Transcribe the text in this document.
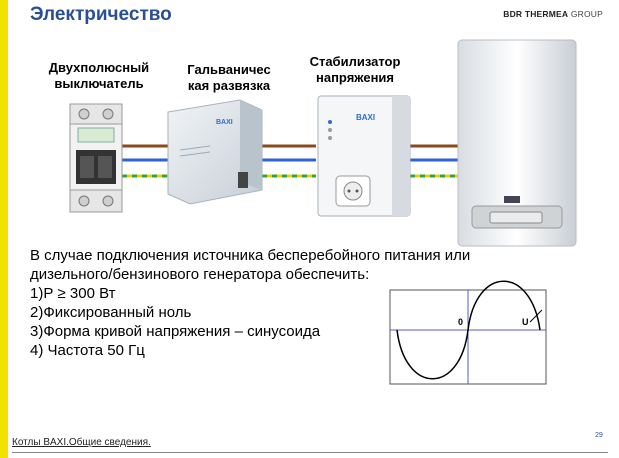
Электричество	BDR THERMEA GROUP
Двухполюсный
выключатель
Гальваничес
кая развязка
Стабилизатор
напряжения
BAXI
BAXI
0	U
В случае подключения источника бесперебойного питания или
дизельного/бензинового генератора обеспечить:
1)Р ≥ 300 Вт
2)Фиксированный ноль
3)Форма кривой напряжения – синусоида
4) Частота 50 Гц
29
Котлы BAXI.Общие сведения.
